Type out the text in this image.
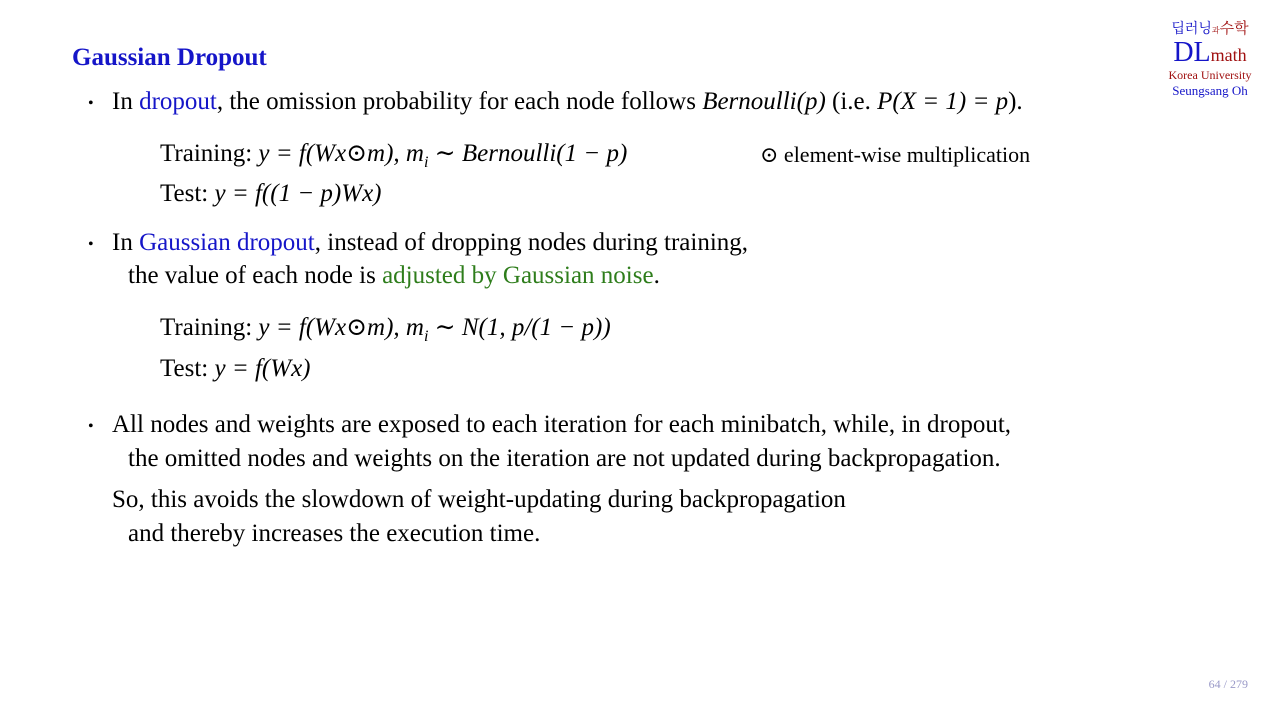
Gaussian Dropout
딥러닝과수학
DLmath
Korea University
Seungsang Oh
• In dropout, the omission probability for each node follows Bernoulli(p) (i.e. P(X = 1) = p).
Training: y = f(Wx⊙m), $m_i$ ∼ Bernoulli(1 − p)	⊙ element-wise multiplication
Test: y = f((1 − p)Wx)
• In Gaussian dropout, instead of dropping nodes during training,
the value of each node is adjusted by Gaussian noise.
Training: y = f(Wx⊙m), $m_i$ ∼ N(1, p/(1 − p))
Test: y = f(Wx)
• All nodes and weights are exposed to each iteration for each minibatch, while, in dropout,
the omitted nodes and weights on the iteration are not updated during backpropagation.
So, this avoids the slowdown of weight-updating during backpropagation
and thereby increases the execution time.
64 / 279
